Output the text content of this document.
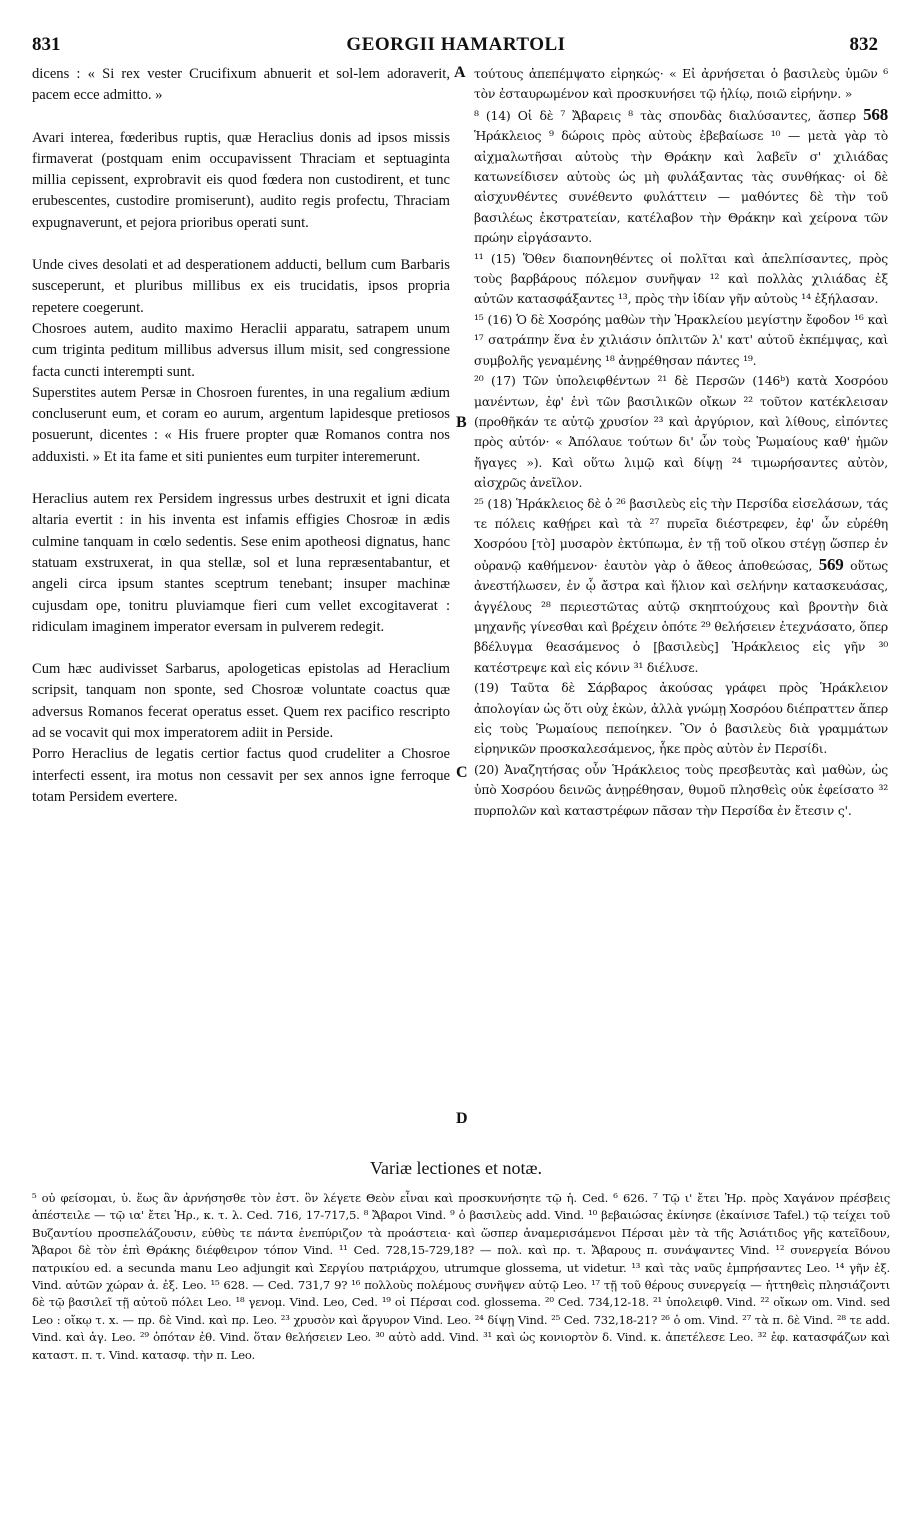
831	GEORGII HAMARTOLI	832

dicens : « Si rex vester Crucifixum abnuerit et sol-lem adoraverit, pacem ecce admitto. »

Avari interea, fœderibus ruptis, quæ Heraclius donis ad ipsos missis firmaverat (postquam enim occupavissent Thraciam et septuaginta millia cepissent, exprobravit eis quod fœdera non custodirent, et tunc erubescentes, custodire promiserunt), audito regis profectu, Thraciam expugnaverunt, et pejora prioribus operati sunt.

Unde cives desolati et ad desperationem adducti, bellum cum Barbaris susceperunt, et pluribus millibus ex eis trucidatis, ipsos propria repetere coegerunt.

Chosroes autem, audito maximo Heraclii apparatu, satrapem unum cum triginta peditum millibus adversus illum misit, sed congressione facta cuncti interempti sunt.

Superstites autem Persæ in Chosroen furentes, in una regalium ædium concluserunt eum, et coram eo aurum, argentum lapidesque pretiosos posuerunt, dicentes : « His fruere propter quæ Romanos contra nos adduxisti. » Et ita fame et siti punientes eum turpiter interemerunt.

Heraclius autem rex Persidem ingressus urbes destruxit et igni dicata altaria evertit : in his inventa est infamis effigies Chosroæ in ædis culmine tanquam in cœlo sedentis. Sese enim apotheosi dignatus, hanc statuam exstruxerat, in qua stellæ, sol et luna repræsentabantur, et angeli circa ipsum stantes sceptrum tenebant; insuper machinæ cujusdam ope, tonitru pluviamque fieri cum vellet excogitaverat : ridiculam imaginem imperator eversam in pulverem redegit.

Cum hæc audivisset Sarbarus, apologeticas epistolas ad Heraclium scripsit, tanquam non sponte, sed Chosroæ voluntate coactus quæ adversus Romanos fecerat operatus esset. Quem rex pacifico rescripto ad se vocavit qui mox imperatorem adiit in Perside.

Porro Heraclius de legatis certior factus quod crudeliter a Chosroe interfecti essent, ira motus non cessavit per sex annos igne ferroque totam Persidem evertere.

A
B
C
D

τούτους ἀπεπέμψατο εἰρηκώς· « Εἰ ἀρνήσεται ὁ βασιλεὺς ὑμῶν ⁶ τὸν ἐσταυρωμένον καὶ προσκυνήσει τῷ ἡλίῳ, ποιῶ εἰρήνην. »

⁸ (14) Οἱ δὲ ⁷ Ἄβαρεις ⁸ τὰς σπονδὰς διαλύσαντες, ἅσπερ 568 Ἡράκλειος ⁹ δώροις πρὸς αὐτοὺς ἐβεβαίωσε ¹⁰ — μετὰ γὰρ τὸ αἰχμαλωτῆσαι αὐτοὺς τὴν Θράκην καὶ λαβεῖν σ' χιλιάδας κατωνείδισεν αὐτοὺς ὡς μὴ φυλάξαντας τὰς συνθήκας· οἱ δὲ αἰσχυνθέντες συνέθεντο φυλάττειν — μαθόντες δὲ τὴν τοῦ βασιλέως ἐκστρατείαν, κατέλαβον τὴν Θράκην καὶ χείρονα τῶν πρώην εἰργάσαντο.

¹¹ (15) Ὅθεν διαπονηθέντες οἱ πολῖται καὶ ἀπελπίσαντες, πρὸς τοὺς βαρβάρους πόλεμον συνῆψαν ¹² καὶ πολλὰς χιλιάδας ἐξ αὐτῶν κατασφάξαντες ¹³, πρὸς τὴν ἰδίαν γῆν αὐτοὺς ¹⁴ ἐξήλασαν.

¹⁵ (16) Ὁ δὲ Χοσρόης μαθὼν τὴν Ἡρακλείου μεγίστην ἔφοδον ¹⁶ καὶ ¹⁷ σατράπην ἕνα ἐν χιλιάσιν ὁπλιτῶν λ' κατ' αὐτοῦ ἐκπέμψας, καὶ συμβολῆς γεναμένης ¹⁸ ἀνῃρέθησαν πάντες ¹⁹.

²⁰ (17) Τῶν ὑπολειφθέντων ²¹ δὲ Περσῶν (146ᵇ) κατὰ Χοσρόου μανέντων, ἐφ' ἑνὶ τῶν βασιλικῶν οἴκων ²² τοῦτον κατέκλεισαν (προθῆκάν τε αὐτῷ χρυσίον ²³ καὶ ἀργύριον, καὶ λίθους, εἰπόντες πρὸς αὐτόν· « Ἀπόλαυε τούτων δι' ὧν τοὺς Ῥωμαίους καθ' ἡμῶν ἤγαγες »). Καὶ οὕτω λιμῷ καὶ δίψῃ ²⁴ τιμωρήσαντες αὐτὸν, αἰσχρῶς ἀνεῖλον.

²⁵ (18) Ἡράκλειος δὲ ὁ ²⁶ βασιλεὺς εἰς τὴν Περσίδα εἰσελάσων, τάς τε πόλεις καθῄρει καὶ τὰ ²⁷ πυρεῖα διέστρεφεν, ἐφ' ὧν εὑρέθη Χοσρόου [τὸ] μυσαρὸν ἐκτύπωμα, ἐν τῇ τοῦ οἴκου στέγῃ ὥσπερ ἐν οὐρανῷ καθήμενον· ἑαυτὸν γὰρ ὁ ἄθεος ἀποθεώσας, 569 οὕτως ἀνεστήλωσεν, ἐν ᾧ ἄστρα καὶ ἥλιον καὶ σελήνην κατασκευάσας, ἀγγέλους ²⁸ περιεστῶτας αὐτῷ σκηπτούχους καὶ βροντὴν διὰ μηχανῆς γίνεσθαι καὶ βρέχειν ὁπότε ²⁹ θελήσειεν ἐτεχνάσατο, ὅπερ βδέλυγμα θεασάμενος ὁ [βασιλεὺς] Ἡράκλειος εἰς γῆν ³⁰ κατέστρεψε καὶ εἰς κόνιν ³¹ διέλυσε.

(19) Ταῦτα δὲ Σάρβαρος ἀκούσας γράφει πρὸς Ἡράκλειον ἀπολογίαν ὡς ὅτι οὐχ ἑκὼν, ἀλλὰ γνώμῃ Χοσρόου διέπραττεν ἅπερ εἰς τοὺς Ῥωμαίους πεποίηκεν. Ὃν ὁ βασιλεὺς διὰ γραμμάτων εἰρηνικῶν προσκαλεσάμενος, ἧκε πρὸς αὐτὸν ἐν Περσίδι.

(20) Ἀναζητήσας οὖν Ἡράκλειος τοὺς πρεσβευτὰς καὶ μαθὼν, ὡς ὑπὸ Χοσρόου δεινῶς ἀνῃρέθησαν, θυμοῦ πλησθεὶς οὐκ ἐφείσατο ³² πυρπολῶν καὶ καταστρέφων πᾶσαν τὴν Περσίδα ἐν ἔτεσιν ς'.

Variæ lectiones et notæ.

⁵ οὐ φείσομαι, ὑ. ἕως ἂν ἀρνήσησθε τὸν ἐστ. ὃν λέγετε Θεὸν εἶναι καὶ προσκυνήσητε τῷ ἡ. Ced. ⁶ 626. ⁷ Τῷ ι' ἔτει Ἡρ. πρὸς Χαγάνον πρέσβεις ἀπέστειλε — τῷ ια' ἔτει Ἡρ., κ. τ. λ. Ced. 716, 17-717,5. ⁸ Ἄβαροι Vind. ⁹ ὁ βασιλεὺς add. Vind. ¹⁰ βεβαιώσας ἐκίνησε (ἐκαίνισε Tafel.) τῷ τείχει τοῦ Βυζαντίου προσπελάζουσιν, εὐθὺς τε πάντα ἐνεπύριζον τὰ προάστεια· καὶ ὥσπερ ἀναμερισάμενοι Πέρσαι μὲν τὰ τῆς Ἀσιάτιδος γῆς κατεῖδουν, Ἄβαροι δὲ τὸν ἐπὶ Θράκης διέφθειρον τόπον Vind. ¹¹ Ced. 728,15-729,18? — πολ. καὶ πρ. τ. Ἄβαρους π. συνάψαντες Vind. ¹² συνεργεία Βόνου πατρικίου ed. a secunda manu Leo adjungit καὶ Σεργίου πατριάρχου, utrumque glossema, ut videtur. ¹³ καὶ τὰς ναῦς ἐμπρήσαντες Leo. ¹⁴ γῆν ἐξ. Vind. αὐτῶν χώραν ἀ. ἐξ. Leo. ¹⁵ 628. — Ced. 731,7 9? ¹⁶ πολλοὺς πολέμους συνῆψεν αὐτῷ Leo. ¹⁷ τῇ τοῦ θέρους συνεργείᾳ — ἡττηθεὶς πλησιάζοντι δὲ τῷ βασιλεῖ τῇ αὐτοῦ πόλει Leo. ¹⁸ γενομ. Vind. Leo, Ced. ¹⁹ οἱ Πέρσαι cod. glossema. ²⁰ Ced. 734,12-18. ²¹ ὑπολειφθ. Vind. ²² οἴκων om. Vind. sed Leo : οἴκῳ τ. x. — πρ. δὲ Vind. καὶ πρ. Leo. ²³ χρυσὸν καὶ ἄργυρον Vind. Leo. ²⁴ δίψῃ Vind. ²⁵ Ced. 732,18-21? ²⁶ ὁ om. Vind. ²⁷ τὰ π. δὲ Vind. ²⁸ τε add. Vind. καὶ ἀγ. Leo. ²⁹ ὁπόταν ἐθ. Vind. ὅταν θελήσειεν Leo. ³⁰ αὐτὸ add. Vind. ³¹ καὶ ὡς κονιορτὸν δ. Vind. κ. ἀπετέλεσε Leo. ³² ἐφ. κατασφάζων καὶ καταστ. π. τ. Vind. κατασφ. τὴν π. Leo.
